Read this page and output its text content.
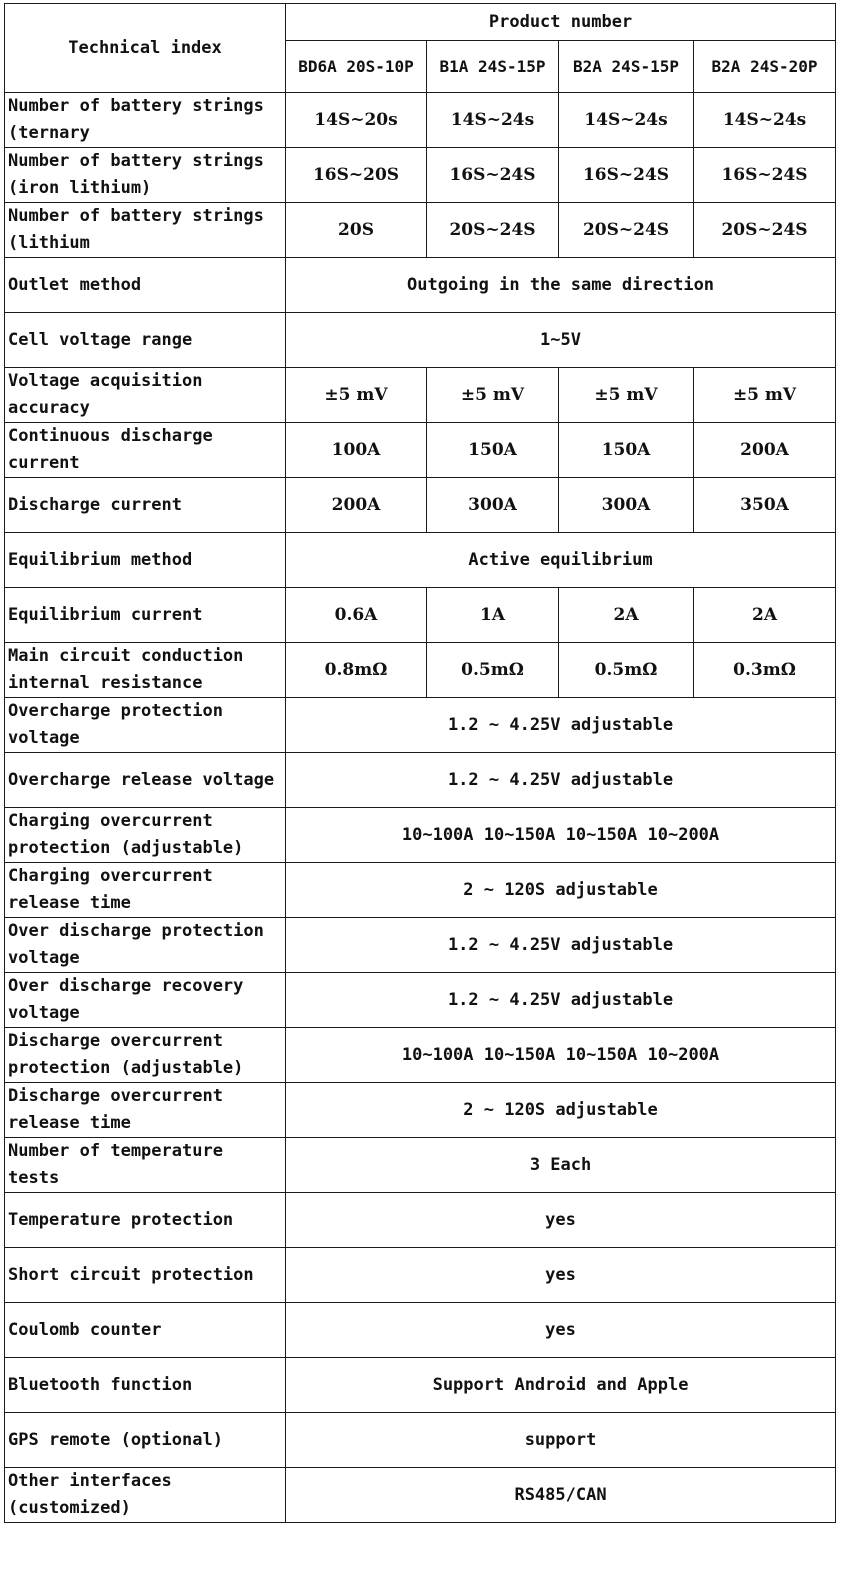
Technical index	Product number			
	BD6A 20S-10P	B1A 24S-15P	B2A 24S-15P	B2A 24S-20P
Number of battery strings (ternary	14S~20s	14S~24s	14S~24s	14S~24s
Number of battery strings (iron lithium)	16S~20S	16S~24S	16S~24S	16S~24S
Number of battery strings (lithium	20S	20S~24S	20S~24S	20S~24S
Outlet method	Outgoing in the same direction			
Cell voltage range	1~5V			
Voltage acquisition accuracy	±5 mV	±5 mV	±5 mV	±5 mV
Continuous discharge current	100A	150A	150A	200A
Discharge current	200A	300A	300A	350A
Equilibrium method	Active equilibrium			
Equilibrium current	0.6A	1A	2A	2A
Main circuit conduction internal resistance	0.8mΩ	0.5mΩ	0.5mΩ	0.3mΩ
Overcharge protection voltage	1.2 ~ 4.25V adjustable			
Overcharge release voltage	1.2 ~ 4.25V adjustable			
Charging overcurrent protection (adjustable)	10~100A 10~150A 10~150A 10~200A			
Charging overcurrent release time	2 ~ 120S adjustable			
Over discharge protection voltage	1.2 ~ 4.25V adjustable			
Over discharge recovery voltage	1.2 ~ 4.25V adjustable			
Discharge overcurrent protection (adjustable)	10~100A 10~150A 10~150A 10~200A			
Discharge overcurrent release time	2 ~ 120S adjustable			
Number of temperature tests	3 Each			
Temperature protection	yes			
Short circuit protection	yes			
Coulomb counter	yes			
Bluetooth function	Support Android and Apple			
GPS remote (optional)	support			
Other interfaces (customized)	RS485/CAN			
